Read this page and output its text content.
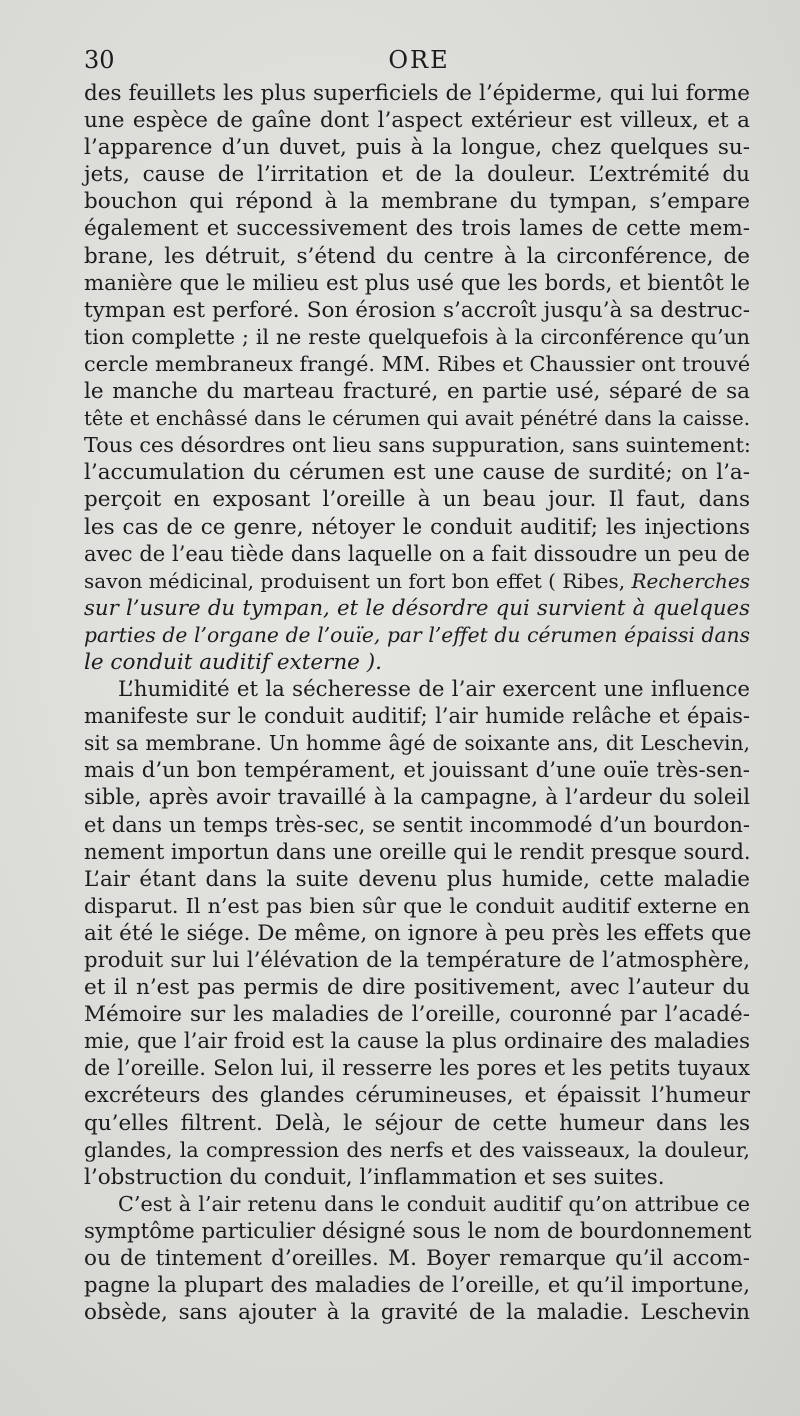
30	ORE
des feuillets les plus superficiels de l’épiderme, qui lui forme
une espèce de gaîne dont l’aspect extérieur est villeux, et a
l’apparence d’un duvet, puis à la longue, chez quelques su-
jets, cause de l’irritation et de la douleur. L’extrémité du
bouchon qui répond à la membrane du tympan, s’empare
également et successivement des trois lames de cette mem-
brane, les détruit, s’étend du centre à la circonférence, de
manière que le milieu est plus usé que les bords, et bientôt le
tympan est perforé. Son érosion s’accroît jusqu’à sa destruc-
tion complette ; il ne reste quelquefois à la circonférence qu’un
cercle membraneux frangé. MM. Ribes et Chaussier ont trouvé
le manche du marteau fracturé, en partie usé, séparé de sa
tête et enchâssé dans le cérumen qui avait pénétré dans la caisse.
Tous ces désordres ont lieu sans suppuration, sans suintement:
l’accumulation du cérumen est une cause de surdité; on l’a-
perçoit en exposant l’oreille à un beau jour. Il faut, dans
les cas de ce genre, nétoyer le conduit auditif; les injections
avec de l’eau tiède dans laquelle on a fait dissoudre un peu de
savon médicinal, produisent un fort bon effet ( Ribes, Recherches
sur l’usure du tympan, et le désordre qui survient à quelques
parties de l’organe de l’ouïe, par l’effet du cérumen épaissi dans
le conduit auditif externe ).
L’humidité et la sécheresse de l’air exercent une influence
manifeste sur le conduit auditif; l’air humide relâche et épais-
sit sa membrane. Un homme âgé de soixante ans, dit Leschevin,
mais d’un bon tempérament, et jouissant d’une ouïe très-sen-
sible, après avoir travaillé à la campagne, à l’ardeur du soleil
et dans un temps très-sec, se sentit incommodé d’un bourdon-
nement importun dans une oreille qui le rendit presque sourd.
L’air étant dans la suite devenu plus humide, cette maladie
disparut. Il n’est pas bien sûr que le conduit auditif externe en
ait été le siége. De même, on ignore à peu près les effets que
produit sur lui l’élévation de la température de l’atmosphère,
et il n’est pas permis de dire positivement, avec l’auteur du
Mémoire sur les maladies de l’oreille, couronné par l’acadé-
mie, que l’air froid est la cause la plus ordinaire des maladies
de l’oreille. Selon lui, il resserre les pores et les petits tuyaux
excréteurs des glandes cérumineuses, et épaissit l’humeur
qu’elles filtrent. Delà, le séjour de cette humeur dans les
glandes, la compression des nerfs et des vaisseaux, la douleur,
l’obstruction du conduit, l’inflammation et ses suites.
C’est à l’air retenu dans le conduit auditif qu’on attribue ce
symptôme particulier désigné sous le nom de bourdonnement
ou de tintement d’oreilles. M. Boyer remarque qu’il accom-
pagne la plupart des maladies de l’oreille, et qu’il importune,
obsède, sans ajouter à la gravité de la maladie. Leschevin
